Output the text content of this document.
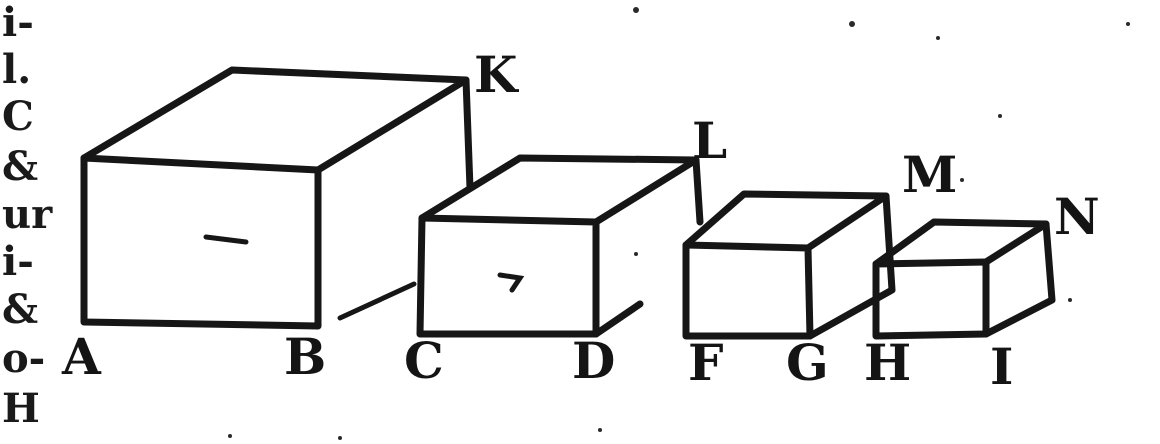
i-
l.
C
&
ur
i-
&
o-
H
A	B C	D F G H I
K
L
M
N
